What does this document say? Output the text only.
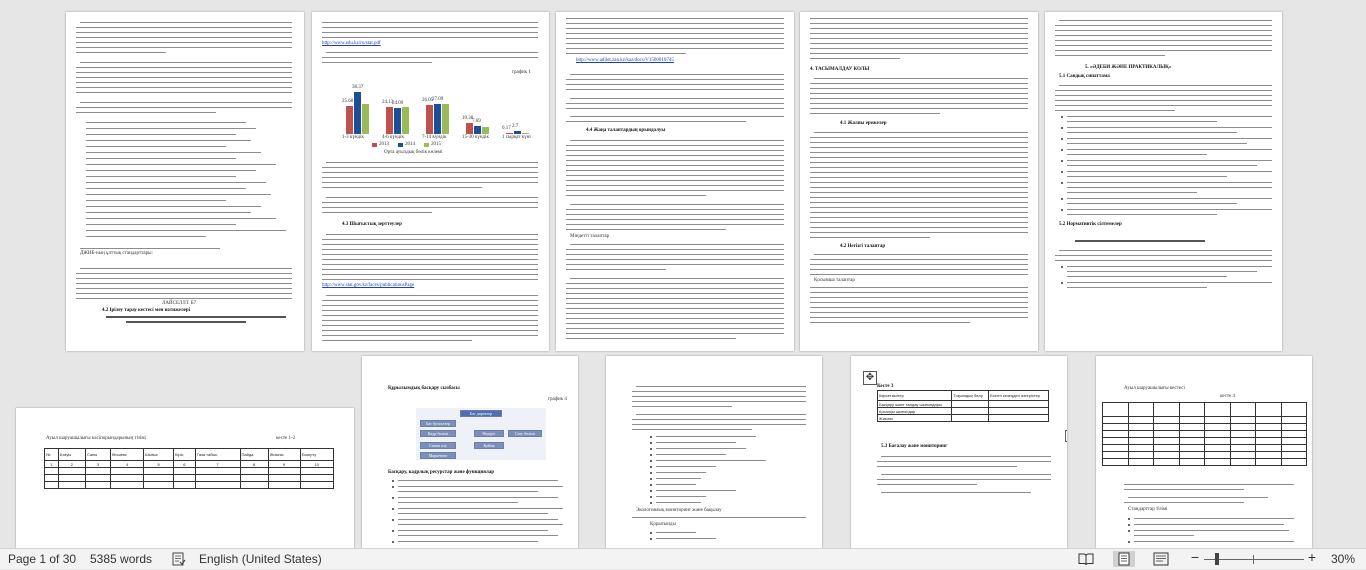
ДЖИБ-ның ұлттық стандарттары:
ЛАЙСЕЛЛТ. Б7
4.2 Ірілеу тарау кестесі мен нәтижелері
http://www.edu.kz/ru/stat.pdf
график 1
25.68
38.37
24.13
24.09	26.05
27.09
10.38
7.69
0.17 2.7
1-3 күндік	4-6 күндік	7-14 күндік	15-30 күндік	1 сырқат күні
2013	2014	2015
Орта ауылдық бөлік көлемі
4.3 Шығыстық зерттеулер
http://www.stat.gov.kz/faces/publicationsPage
http://www.adilet.zan.kz/kaz/docs/V1500010745
4.4 Жаңа талаптардың орындалуы
Міндетті талаптар
4. ТАСЫМАЛДАУ КОЛЫ
4.1 Жалпы ережелер
4.2 Негізгі талаптар
Қосымша талаптар
5. «ӘДЕБИ ЖӘНЕ ПРАКТИКАЛЫҚ»
5.1 Сандық сипаттама
5.2 Нормативтік сілтемелер
Ауыл шаруашылығы кәсіпорындарының тізімі	кесте 1-2
№	Атауы	Саны	Өлшемі	Шығыс	Кіріс	Таза табыс	Пайда	Жиыны	Ескерту
1	2	3	4	5	6	7	8	9	10

Құрылымдық басқару сызбасы
график 4
Бас директор
Бас бухгалтер
Кадр бөлімі	Өндіріс	Сату бөлімі
Сатып алу
Маркетинг
Қойма
Басқару, кадрлық ресурстар және функциялар
Экологиялық мониторинг және бақылау
Қорытынды
✥
Кесте 3
Көрсеткіштер	Тоқсандық бөлу	Есепті кезеңдегі өзгерістер
Басқару және талдау шығындары		
Қосалқы шығындар		
Жиыны		
5.3 Бағалау және мониторинг
Ауыл шаруашылығы кестесі
кесте 4

Стандарттар тізімі
Page 1 of 30 5385 words	English (United States)	−	+ 30%
